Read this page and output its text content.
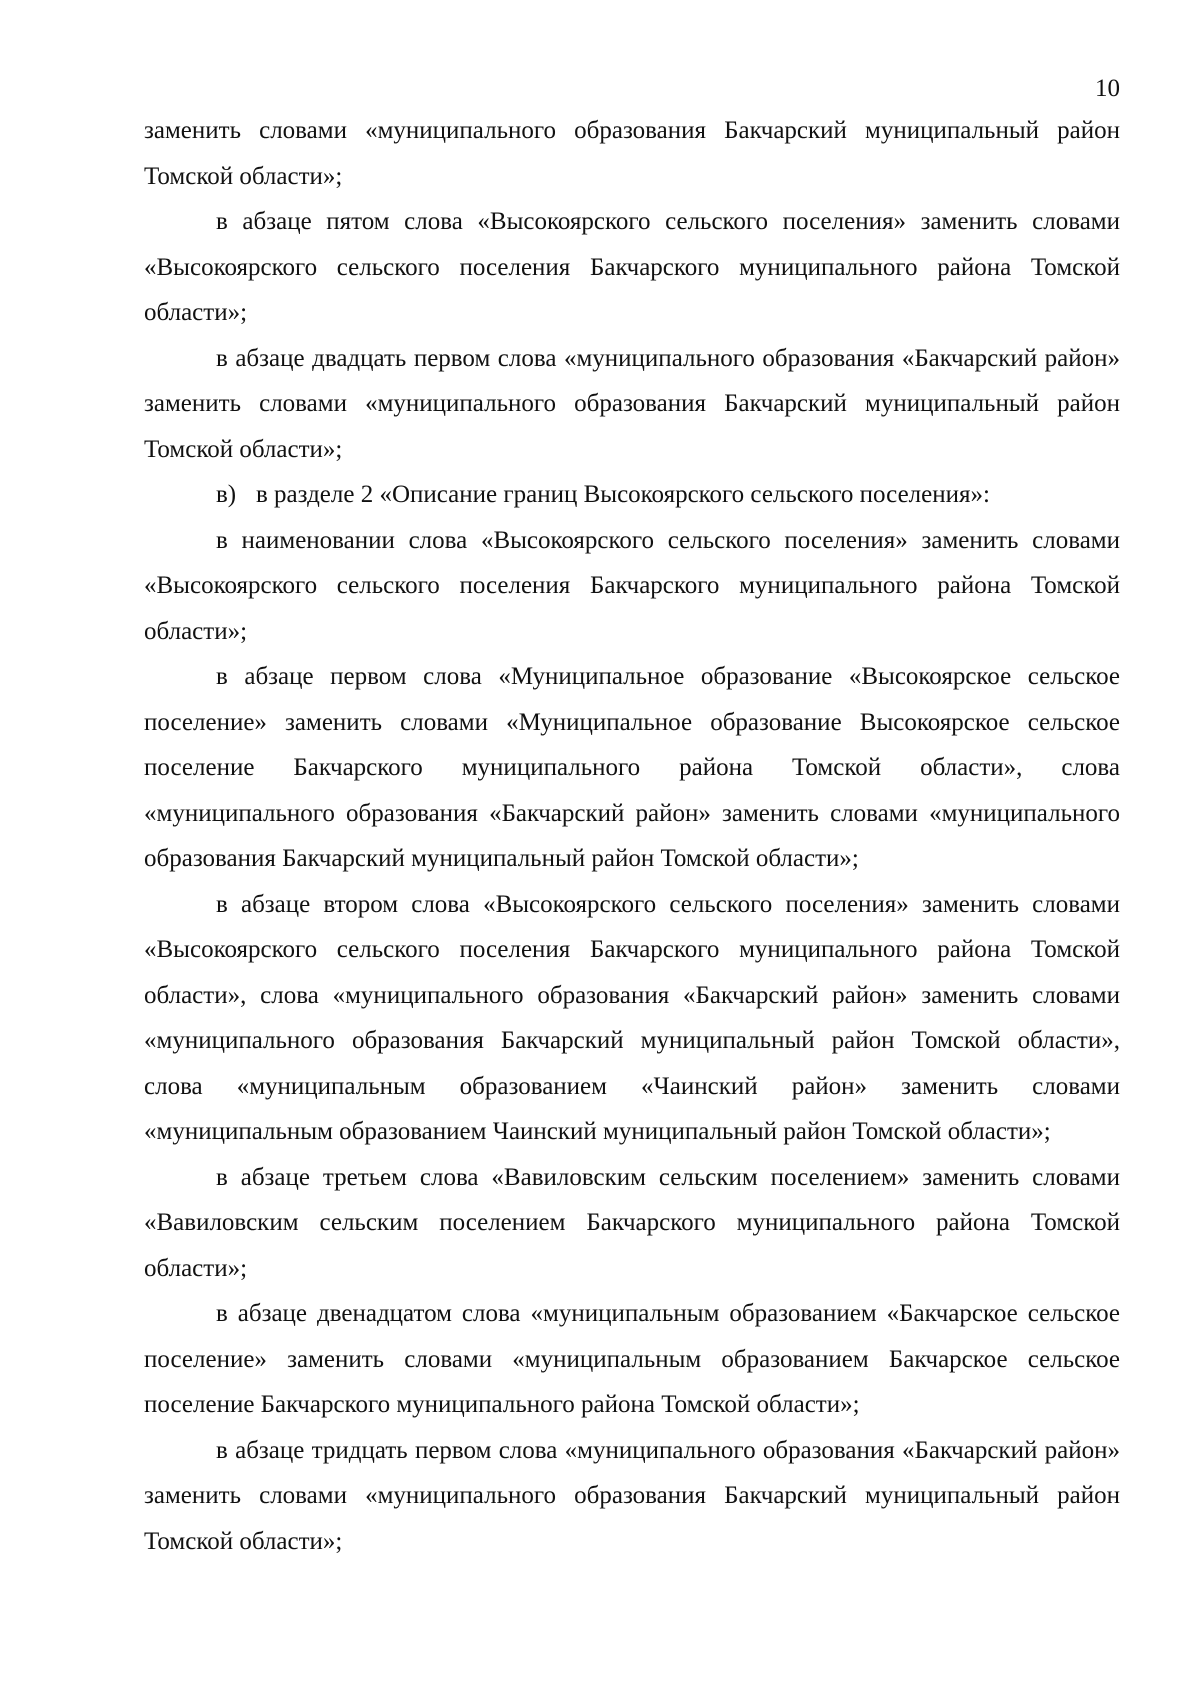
10

заменить словами «муниципального образования Бакчарский муниципальный район Томской области»;

в абзаце пятом слова «Высокоярского сельского поселения» заменить словами «Высокоярского сельского поселения Бакчарского муниципального района Томской области»;

в абзаце двадцать первом слова «муниципального образования «Бакчарский район» заменить словами «муниципального образования Бакчарский муниципальный район Томской области»;

в) в разделе 2 «Описание границ Высокоярского сельского поселения»:

в наименовании слова «Высокоярского сельского поселения» заменить словами «Высокоярского сельского поселения Бакчарского муниципального района Томской области»;

в абзаце первом слова «Муниципальное образование «Высокоярское сельское поселение» заменить словами «Муниципальное образование Высокоярское сельское поселение Бакчарского муниципального района Томской области», слова «муниципального образования «Бакчарский район» заменить словами «муниципального образования Бакчарский муниципальный район Томской области»;

в абзаце втором слова «Высокоярского сельского поселения» заменить словами «Высокоярского сельского поселения Бакчарского муниципального района Томской области», слова «муниципального образования «Бакчарский район» заменить словами «муниципального образования Бакчарский муниципальный район Томской области», слова «муниципальным образованием «Чаинский район» заменить словами «муниципальным образованием Чаинский муниципальный район Томской области»;

в абзаце третьем слова «Вавиловским сельским поселением» заменить словами «Вавиловским сельским поселением Бакчарского муниципального района Томской области»;

в абзаце двенадцатом слова «муниципальным образованием «Бакчарское сельское поселение» заменить словами «муниципальным образованием Бакчарское сельское поселение Бакчарского муниципального района Томской области»;

в абзаце тридцать первом слова «муниципального образования «Бакчарский район» заменить словами «муниципального образования Бакчарский муниципальный район Томской области»;
